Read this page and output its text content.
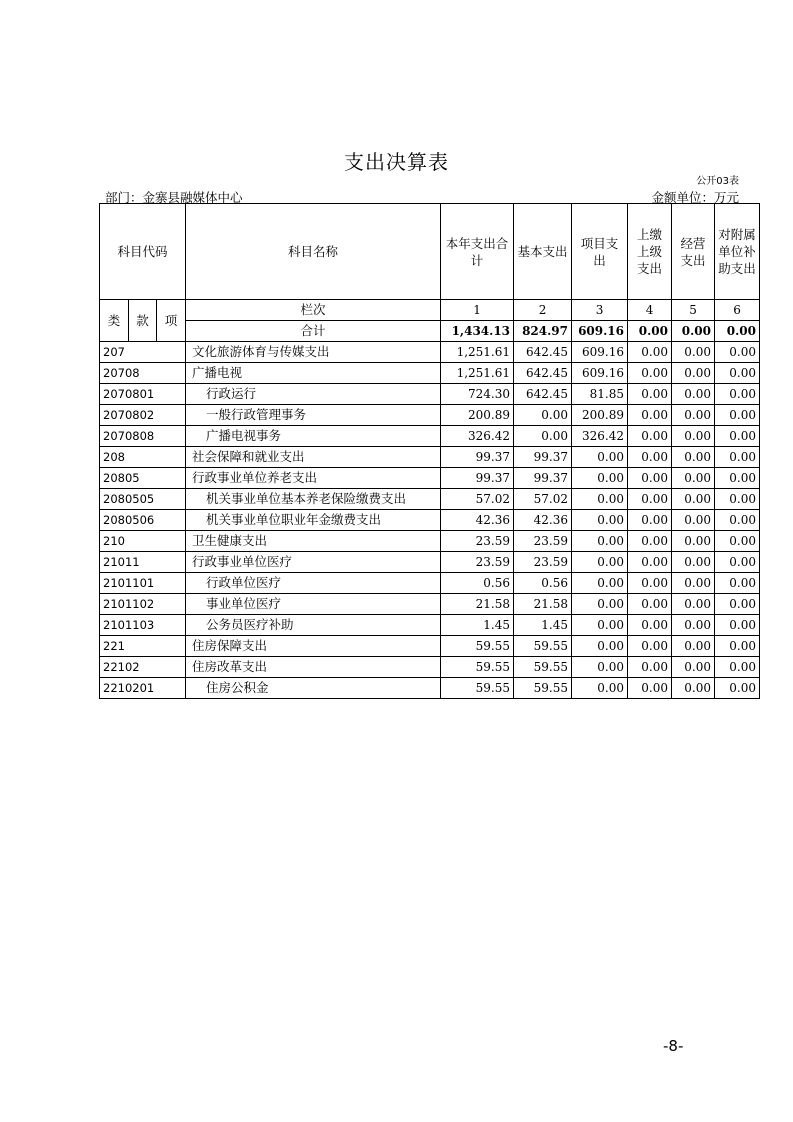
支出决算表
公开03表
部门：金寨县融媒体中心	金额单位：万元
科目代码			科目名称	本年支出合计	基本支出	项目支出	上缴上级支出	经营支出	对附属单位补助支出
类	款	项	栏次	1	2	3	4	5	6
			合计	1,434.13	824.97	609.16	0.00	0.00	0.00
207			文化旅游体育与传媒支出	1,251.61	642.45	609.16	0.00	0.00	0.00
20708			广播电视	1,251.61	642.45	609.16	0.00	0.00	0.00
2070801			行政运行	724.30	642.45	81.85	0.00	0.00	0.00
2070802			一般行政管理事务	200.89	0.00	200.89	0.00	0.00	0.00
2070808			广播电视事务	326.42	0.00	326.42	0.00	0.00	0.00
208			社会保障和就业支出	99.37	99.37	0.00	0.00	0.00	0.00
20805			行政事业单位养老支出	99.37	99.37	0.00	0.00	0.00	0.00
2080505			机关事业单位基本养老保险缴费支出	57.02	57.02	0.00	0.00	0.00	0.00
2080506			机关事业单位职业年金缴费支出	42.36	42.36	0.00	0.00	0.00	0.00
210			卫生健康支出	23.59	23.59	0.00	0.00	0.00	0.00
21011			行政事业单位医疗	23.59	23.59	0.00	0.00	0.00	0.00
2101101			行政单位医疗	0.56	0.56	0.00	0.00	0.00	0.00
2101102			事业单位医疗	21.58	21.58	0.00	0.00	0.00	0.00
2101103			公务员医疗补助	1.45	1.45	0.00	0.00	0.00	0.00
221			住房保障支出	59.55	59.55	0.00	0.00	0.00	0.00
22102			住房改革支出	59.55	59.55	0.00	0.00	0.00	0.00
2210201			住房公积金	59.55	59.55	0.00	0.00	0.00	0.00
-8-
